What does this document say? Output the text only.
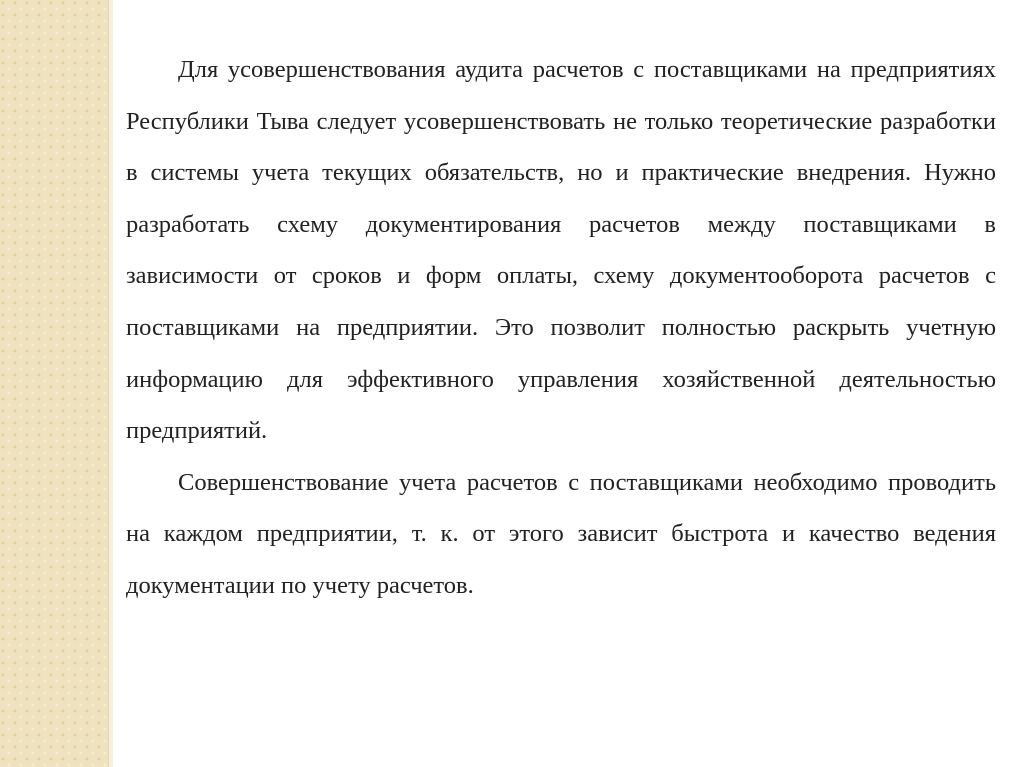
Для усовершенствования аудита расчетов с поставщиками на предприятиях Республики Тыва следует усовершенствовать не только теоретические разработки в системы учета текущих обязательств, но и практические внедрения. Нужно разработать схему документирования расчетов между поставщиками в зависимости от сроков и форм оплаты, схему документооборота расчетов с поставщиками на предприятии. Это позволит полностью раскрыть учетную информацию для эффективного управления хозяйственной деятельностью предприятий.

Совершенствование учета расчетов с поставщиками необходимо проводить на каждом предприятии, т. к. от этого зависит быстрота и качество ведения документации по учету расчетов.
